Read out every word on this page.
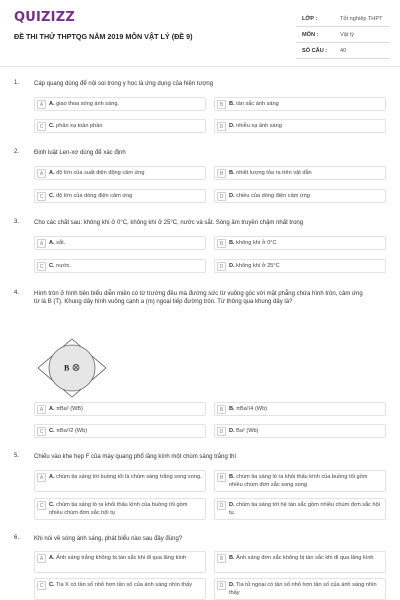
QUIZIZZ
ĐỀ THI THỬ THPTQG NĂM 2019 MÔN VẬT LÝ (ĐỀ 9)
LỚP :	Tốt nghiệp THPT
MÔN :	Vật lý
SỐ CÂU : 40
1. Cáp quang dùng để nội soi trong y học là ứng dụng của hiện tượng
A	A. giao thoa sóng ánh sáng.	B	B. tán sắc ánh sáng
C	C. phản xạ toàn phần	D	D. nhiễu xạ ánh sáng
2. Định luật Len-xơ dùng để xác định
A	A. độ lớn của suất điện động cảm ứng	B	B. nhiệt lượng tỏa ra trên vật dẫn
C	C. độ lớn của dòng điện cảm ứng	D	D. chiều của dòng điện cảm ứng
3. Cho các chất sau: không khí ở 0°C, không khí ở 25°C, nước và sắt. Sóng âm truyền chậm nhất trong
A	A. sắt.	B	B. không khí ở 0°C
C	C. nước.	D	D. không khí ở 25°C
4. Hình tròn ở hình bên biểu diễn miền có từ trường đều mà đường sức từ vuông góc với mặt phẳng chứa hình tròn, cảm ứng từ là B (T). Khung dây hình vuông cạnh a (m) ngoại tiếp đường tròn. Từ thông qua khung dây là?
B
A	A. πBa² (WB)	B	B. πBa²/4 (Wb)
C	C. πBa²/2 (Wb)	D	D. Ba² (Wb)
5. Chiếu vào khe hẹp F của máy quang phổ lăng kính một chùm sáng trắng thì
A	A. chùm tia sáng tới buồng tối là chùm sáng trắng song song.	B	B. chùm tia sáng ló ra khỏi thấu kính của buồng tối gồm nhiều chùm đơn sắc song song
C	C. chùm tia sáng ló ra khỏi thấu kính của buồng tối gồm nhiều chùm đơn sắc hội tụ
D	D. chùm tia sáng tới hệ tán sắc gồm nhiều chùm đơn sắc hội tụ.
6. Khi nói về sóng ánh sáng, phát biểu nào sau đây đúng?
A	A. Ánh sáng trắng không bị tán sắc khi đi qua lăng kính	B	B. Ánh sáng đơn sắc không bị tán sắc khi đi qua lăng kính
C	C. Tia X có tần số nhỏ hơn tần số của ánh sáng nhìn thấy	D	D. Tia tử ngoại có tần số nhỏ hơn tần số của ánh sáng nhìn thấy
